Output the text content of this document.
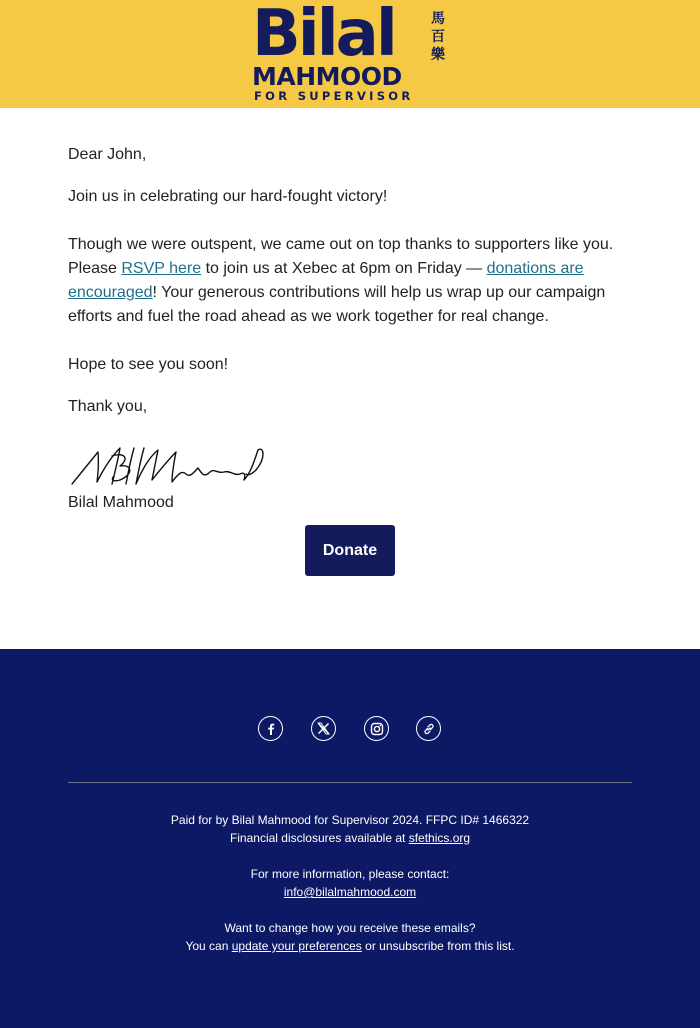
Bilal	馬
百
樂
MAHMOOD
FOR SUPERVISOR
Dear John,
Join us in celebrating our hard-fought victory!
Though we were outspent, we came out on top thanks to supporters like you.
Please RSVP here to join us at Xebec at 6pm on Friday — donations are
encouraged! Your generous contributions will help us wrap up our campaign
efforts and fuel the road ahead as we work together for real change.
Hope to see you soon!
Thank you,
Bilal Mahmood
Donate
Paid for by Bilal Mahmood for Supervisor 2024. FFPC ID# 1466322
Financial disclosures available at sfethics.org
For more information, please contact:
info@bilalmahmood.com
Want to change how you receive these emails?
You can update your preferences or unsubscribe from this list.
